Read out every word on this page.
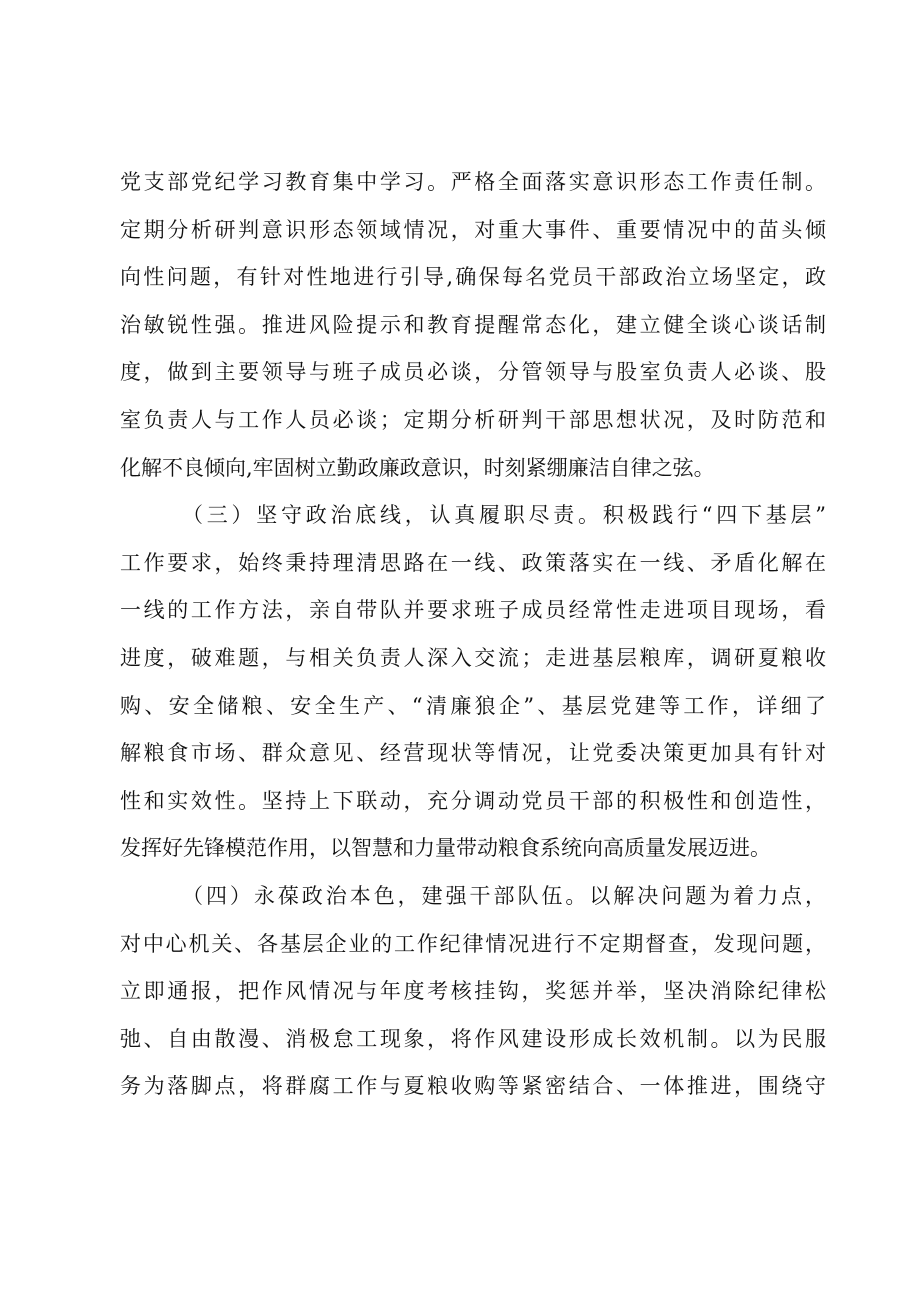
党支部党纪学习教育集中学习。严格全面落实意识形态工作责任制。
定期分析研判意识形态领域情况，对重大事件、重要情况中的苗头倾
向性问题，有针对性地进行引导,确保每名党员干部政治立场坚定，政
治敏锐性强。推进风险提示和教育提醒常态化，建立健全谈心谈话制
度，做到主要领导与班子成员必谈，分管领导与股室负责人必谈、股
室负责人与工作人员必谈；定期分析研判干部思想状况，及时防范和
化解不良倾向,牢固树立勤政廉政意识，时刻紧绷廉洁自律之弦。
（三）坚守政治底线，认真履职尽责。积极践行“四下基层”
工作要求，始终秉持理清思路在一线、政策落实在一线、矛盾化解在
一线的工作方法，亲自带队并要求班子成员经常性走进项目现场，看
进度，破难题，与相关负责人深入交流；走进基层粮库，调研夏粮收
购、安全储粮、安全生产、“清廉狼企”、基层党建等工作，详细了
解粮食市场、群众意见、经营现状等情况，让党委决策更加具有针对
性和实效性。坚持上下联动，充分调动党员干部的积极性和创造性，
发挥好先锋模范作用，以智慧和力量带动粮食系统向高质量发展迈进。
（四）永葆政治本色，建强干部队伍。以解决问题为着力点，
对中心机关、各基层企业的工作纪律情况进行不定期督查，发现问题，
立即通报，把作风情况与年度考核挂钩，奖惩并举，坚决消除纪律松
弛、自由散漫、消极怠工现象，将作风建设形成长效机制。以为民服
务为落脚点，将群腐工作与夏粮收购等紧密结合、一体推进，围绕守
